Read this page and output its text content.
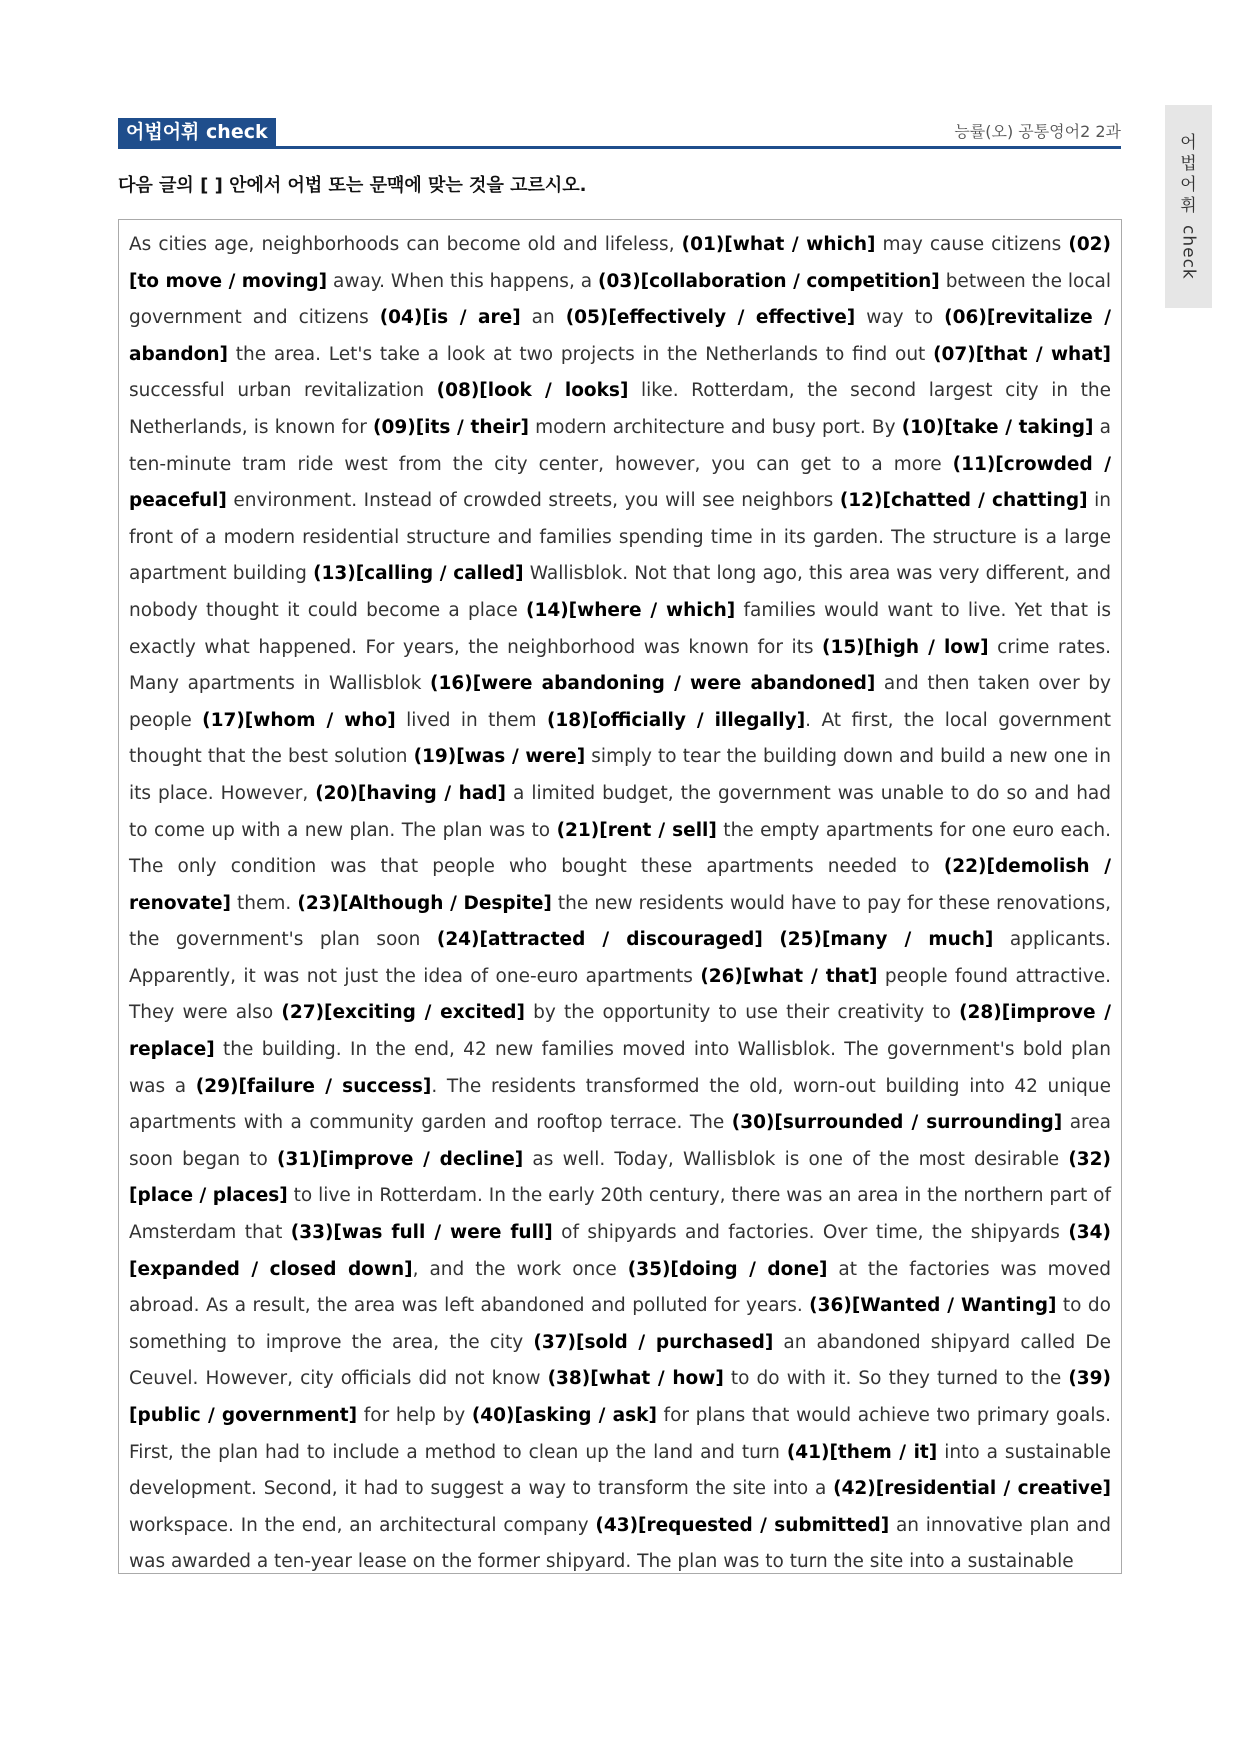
어법어휘 check	능률(오) 공통영어2 2과
어법어휘
check
다음 글의 [ ] 안에서 어법 또는 문맥에 맞는 것을 고르시오.

As cities age, neighborhoods can become old and lifeless, (01)[what / which] may cause citizens (02)[to move / moving] away. When this happens, a (03)[collaboration / competition] between the local government and citizens (04)[is / are] an (05)[effectively / effective] way to (06)[revitalize / abandon] the area. Let's take a look at two projects in the Netherlands to find out (07)[that / what] successful urban revitalization (08)[look / looks] like. Rotterdam, the second largest city in the Netherlands, is known for (09)[its / their] modern architecture and busy port. By (10)[take / taking] a ten-minute tram ride west from the city center, however, you can get to a more (11)[crowded / peaceful] environment. Instead of crowded streets, you will see neighbors (12)[chatted / chatting] in front of a modern residential structure and families spending time in its garden. The structure is a large apartment building (13)[calling / called] Wallisblok. Not that long ago, this area was very different, and nobody thought it could become a place (14)[where / which] families would want to live. Yet that is exactly what happened. For years, the neighborhood was known for its (15)[high / low] crime rates. Many apartments in Wallisblok (16)[were abandoning / were abandoned] and then taken over by people (17)[whom / who] lived in them (18)[officially / illegally]. At first, the local government thought that the best solution (19)[was / were] simply to tear the building down and build a new one in its place. However, (20)[having / had] a limited budget, the government was unable to do so and had to come up with a new plan. The plan was to (21)[rent / sell] the empty apartments for one euro each. The only condition was that people who bought these apartments needed to (22)[demolish / renovate] them. (23)[Although / Despite] the new residents would have to pay for these renovations, the government's plan soon (24)[attracted / discouraged] (25)[many / much] applicants. Apparently, it was not just the idea of one-euro apartments (26)[what / that] people found attractive. They were also (27)[exciting / excited] by the opportunity to use their creativity to (28)[improve / replace] the building. In the end, 42 new families moved into Wallisblok. The government's bold plan was a (29)[failure / success]. The residents transformed the old, worn-out building into 42 unique apartments with a community garden and rooftop terrace. The (30)[surrounded / surrounding] area soon began to (31)[improve / decline] as well. Today, Wallisblok is one of the most desirable (32)[place / places] to live in Rotterdam. In the early 20th century, there was an area in the northern part of Amsterdam that (33)[was full / were full] of shipyards and factories. Over time, the shipyards (34)[expanded / closed down], and the work once (35)[doing / done] at the factories was moved abroad. As a result, the area was left abandoned and polluted for years. (36)[Wanted / Wanting] to do something to improve the area, the city (37)[sold / purchased] an abandoned shipyard called De Ceuvel. However, city officials did not know (38)[what / how] to do with it. So they turned to the (39)[public / government] for help by (40)[asking / ask] for plans that would achieve two primary goals. First, the plan had to include a method to clean up the land and turn (41)[them / it] into a sustainable development. Second, it had to suggest a way to transform the site into a (42)[residential / creative] workspace. In the end, an architectural company (43)[requested / submitted] an innovative plan and was awarded a ten-year lease on the former shipyard. The plan was to turn the site into a sustainable
